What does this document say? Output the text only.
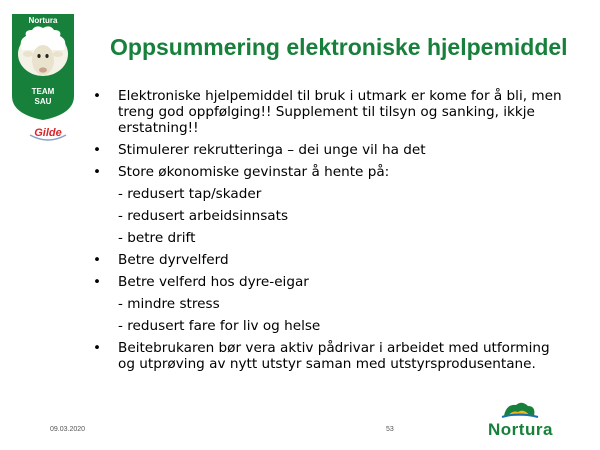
Nortura
TEAM
SAU
Gilde
Oppsummering elektroniske hjelpemiddel
• Elektroniske hjelpemiddel til bruk i utmark er kome for å bli, men treng god oppfølging!! Supplement til tilsyn og sanking, ikkje erstatning!!
• Stimulerer rekrutteringa – dei unge vil ha det
• Store økonomiske gevinstar å hente på:
- redusert tap/skader
- redusert arbeidsinnsats
- betre drift
• Betre dyrvelferd
• Betre velferd hos dyre-eigar
- mindre stress
- redusert fare for liv og helse
• Beitebrukaren bør vera aktiv pådrivar i arbeidet med utforming og utprøving av nytt utstyr saman med utstyrsprodusentane.
09.03.2020	53	Nortura
